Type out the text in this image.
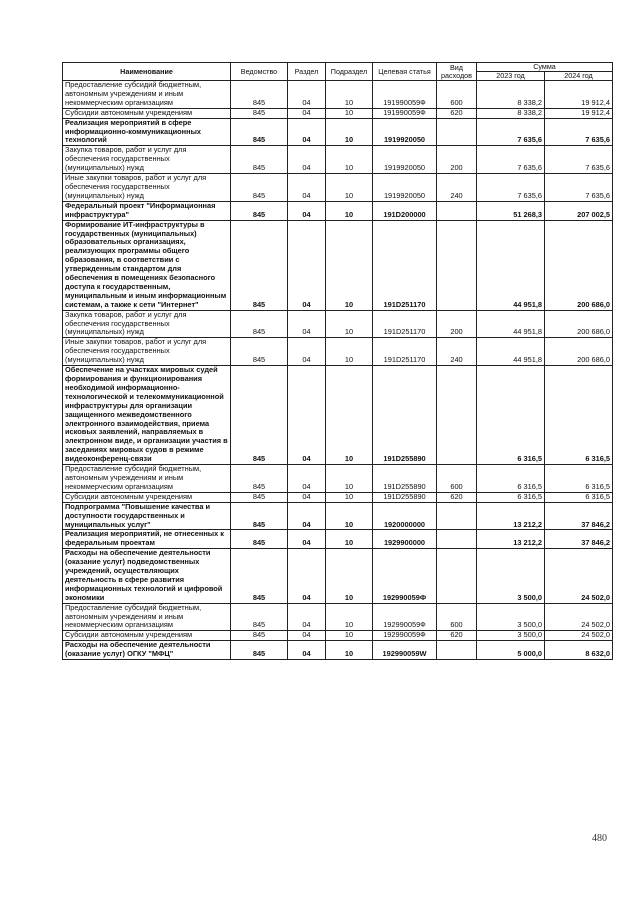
Наименование	Ведомство	Раздел	Подраздел	Целевая статья	Вид расходов	Сумма	
						2023 год	2024 год
Предоставление субсидий бюджетным, автономным учреждениям и иным некоммерческим организациям	845	04	10	191990059Ф	600	8 338,2	19 912,4
Субсидии автономным учреждениям	845	04	10	191990059Ф	620	8 338,2	19 912,4
Реализация мероприятий в сфере информационно-коммуникационных технологий	845	04	10	1919920050		7 635,6	7 635,6
Закупка товаров, работ и услуг для обеспечения государственных (муниципальных) нужд	845	04	10	1919920050	200	7 635,6	7 635,6
Иные закупки товаров, работ и услуг для обеспечения государственных (муниципальных) нужд	845	04	10	1919920050	240	7 635,6	7 635,6
Федеральный проект "Информационная инфраструктура"	845	04	10	191D200000		51 268,3	207 002,5
Формирование ИТ-инфраструктуры в государственных (муниципальных) образовательных организациях, реализующих программы общего образования, в соответствии с утвержденным стандартом для обеспечения в помещениях безопасного доступа к государственным, муниципальным и иным информационным системам, а также к сети "Интернет"	845	04	10	191D251170		44 951,8	200 686,0
Закупка товаров, работ и услуг для обеспечения государственных (муниципальных) нужд	845	04	10	191D251170	200	44 951,8	200 686,0
Иные закупки товаров, работ и услуг для обеспечения государственных (муниципальных) нужд	845	04	10	191D251170	240	44 951,8	200 686,0
Обеспечение на участках мировых судей формирования и функционирования необходимой информационно-технологической и телекоммуникационной инфраструктуры для организации защищенного межведомственного электронного взаимодействия, приема исковых заявлений, направляемых в электронном виде, и организации участия в заседаниях мировых судов в режиме видеоконференц-связи	845	04	10	191D255890		6 316,5	6 316,5
Предоставление субсидий бюджетным, автономным учреждениям и иным некоммерческим организациям	845	04	10	191D255890	600	6 316,5	6 316,5
Субсидии автономным учреждениям	845	04	10	191D255890	620	6 316,5	6 316,5
Подпрограмма "Повышение качества и доступности государственных и муниципальных услуг"	845	04	10	1920000000		13 212,2	37 846,2
Реализация мероприятий, не отнесенных к федеральным проектам	845	04	10	1929900000		13 212,2	37 846,2
Расходы на обеспечение деятельности (оказание услуг) подведомственных учреждений, осуществляющих деятельность в сфере развития информационных технологий и цифровой экономики	845	04	10	192990059Ф		3 500,0	24 502,0
Предоставление субсидий бюджетным, автономным учреждениям и иным некоммерческим организациям	845	04	10	192990059Ф	600	3 500,0	24 502,0
Субсидии автономным учреждениям	845	04	10	192990059Ф	620	3 500,0	24 502,0
Расходы на обеспечение деятельности (оказание услуг) ОГКУ "МФЦ"	845	04	10	192990059W		5 000,0	8 632,0
480
